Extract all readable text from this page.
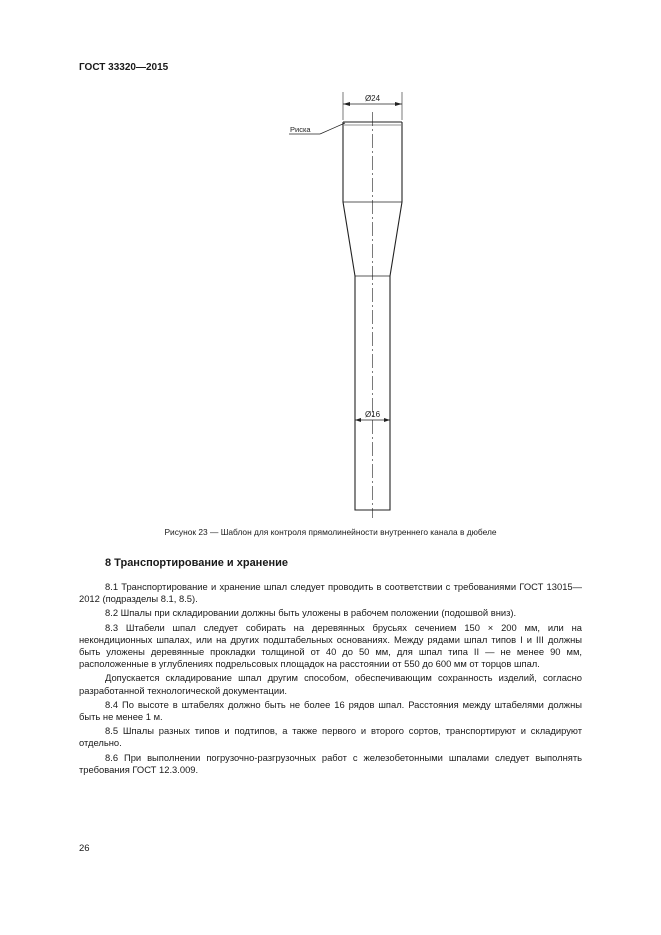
ГОСТ 33320—2015
Ø24
Риска
Ø16
Рисунок 23 — Шаблон для контроля прямолинейности внутреннего канала в дюбеле
8 Транспортирование и хранение

8.1 Транспортирование и хранение шпал следует проводить в соответствии с требованиями ГОСТ 13015—2012 (подразделы 8.1, 8.5).

8.2 Шпалы при складировании должны быть уложены в рабочем положении (подошвой вниз).

8.3 Штабели шпал следует собирать на деревянных брусьях сечением 150 × 200 мм, или на некондиционных шпалах, или на других подштабельных основаниях. Между рядами шпал типов I и III должны быть уложены деревянные прокладки толщиной от 40 до 50 мм, для шпал типа II — не менее 90 мм, расположенные в углублениях подрельсовых площадок на расстоянии от 550 до 600 мм от торцов шпал.

Допускается складирование шпал другим способом, обеспечивающим сохранность изделий, согласно разработанной технологической документации.

8.4 По высоте в штабелях должно быть не более 16 рядов шпал. Расстояния между штабелями должны быть не менее 1 м.

8.5 Шпалы разных типов и подтипов, а также первого и второго сортов, транспортируют и складируют отдельно.

8.6 При выполнении погрузочно-разгрузочных работ с железобетонными шпалами следует выполнять требования ГОСТ 12.3.009.

26
